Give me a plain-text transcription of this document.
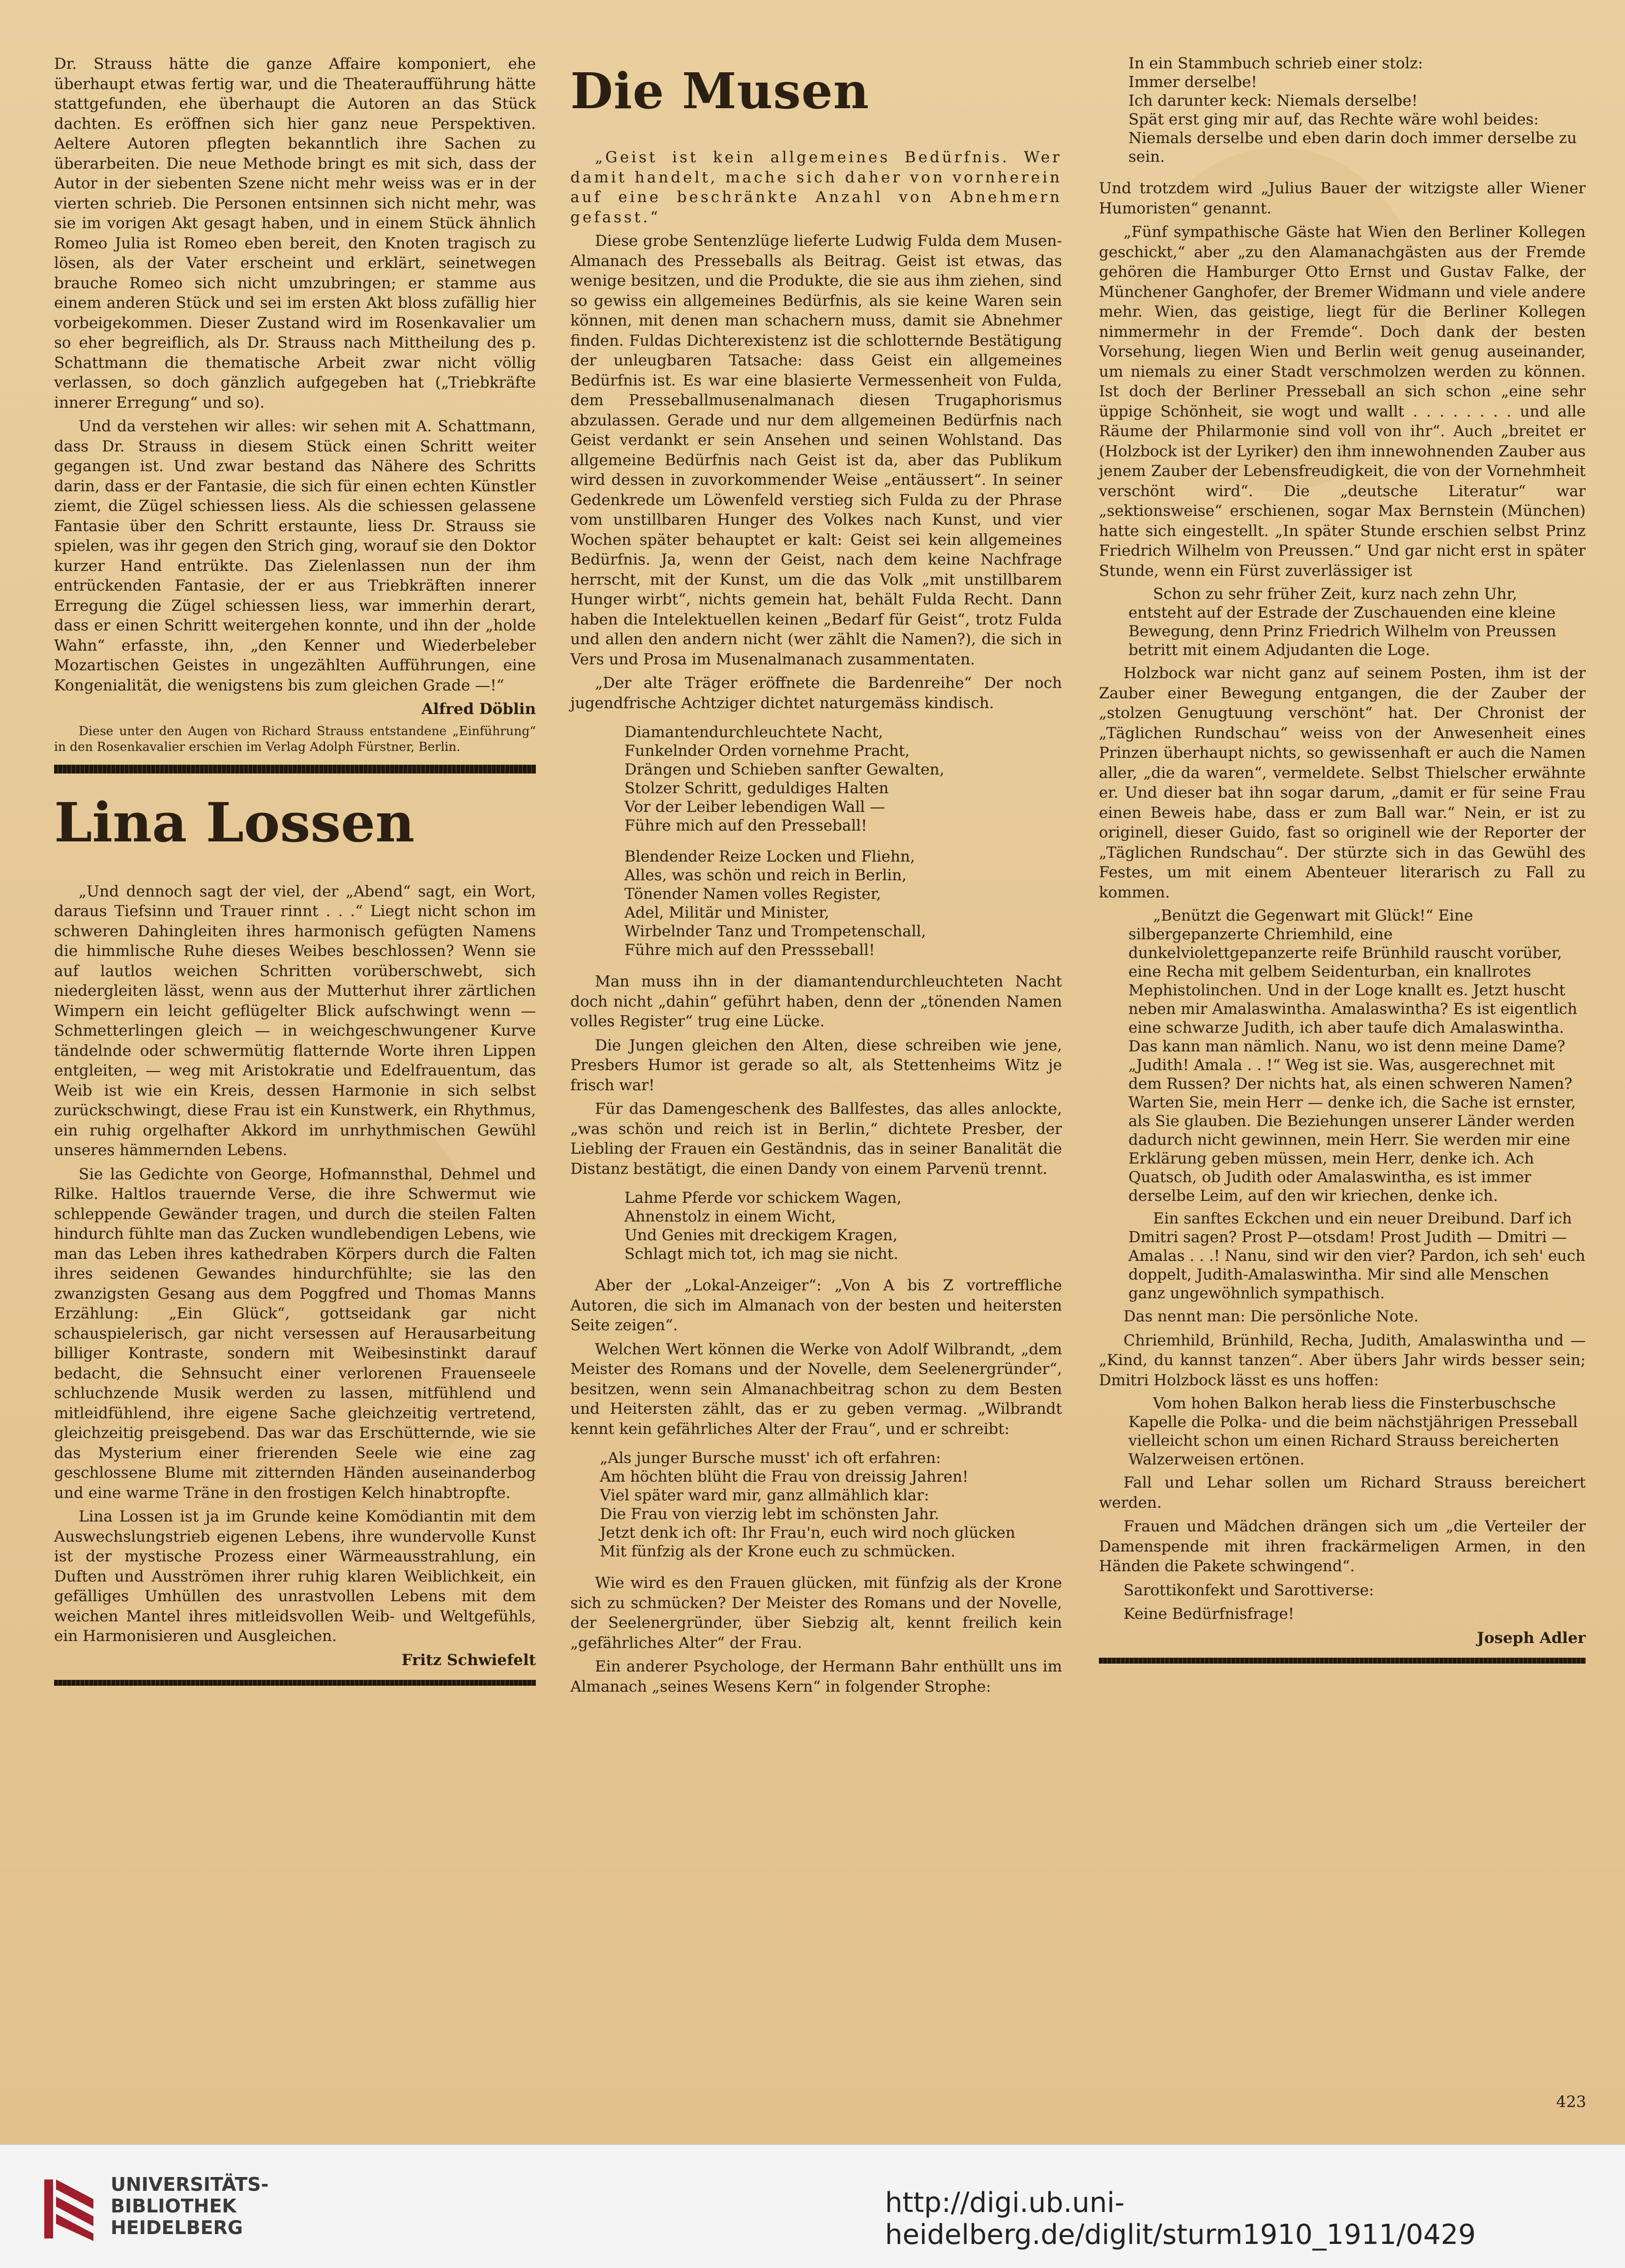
Dr. Strauss hätte die ganze Affaire komponiert, ehe überhaupt etwas fertig war, und die Theateraufführung hätte stattgefunden, ehe überhaupt die Autoren an das Stück dachten. Es eröffnen sich hier ganz neue Perspektiven. Aeltere Autoren pflegten bekanntlich ihre Sachen zu überarbeiten. Die neue Methode bringt es mit sich, dass der Autor in der siebenten Szene nicht mehr weiss was er in der vierten schrieb. Die Personen entsinnen sich nicht mehr, was sie im vorigen Akt gesagt haben, und in einem Stück ähnlich Romeo Julia ist Romeo eben bereit, den Knoten tragisch zu lösen, als der Vater erscheint und erklärt, seinetwegen brauche Romeo sich nicht umzubringen; er stamme aus einem anderen Stück und sei im ersten Akt bloss zufällig hier vorbeigekommen. Dieser Zustand wird im Rosenkavalier um so eher begreiflich, als Dr. Strauss nach Mittheilung des p. Schattmann die thematische Arbeit zwar nicht völlig verlassen, so doch gänzlich aufgegeben hat („Triebkräfte innerer Erregung“ und so).

Und da verstehen wir alles: wir sehen mit A. Schattmann, dass Dr. Strauss in diesem Stück einen Schritt weiter gegangen ist. Und zwar bestand das Nähere des Schritts darin, dass er der Fantasie, die sich für einen echten Künstler ziemt, die Zügel schiessen liess. Als die schiessen gelassene Fantasie über den Schritt erstaunte, liess Dr. Strauss sie spielen, was ihr gegen den Strich ging, worauf sie den Doktor kurzer Hand entrükte. Das Zielenlassen nun der ihm entrückenden Fantasie, der er aus Triebkräften innerer Erregung die Zügel schiessen liess, war immerhin derart, dass er einen Schritt weitergehen konnte, und ihn der „holde Wahn“ erfasste, ihn, „den Kenner und Wiederbeleber Mozartischen Geistes in ungezählten Aufführungen, eine Kongenialität, die wenigstens bis zum gleichen Grade —!“

Alfred Döblin

Diese unter den Augen von Richard Strauss entstandene „Einführung“ in den Rosenkavalier erschien im Verlag Adolph Fürstner, Berlin.

Lina Lossen

„Und dennoch sagt der viel, der „Abend“ sagt, ein Wort, daraus Tiefsinn und Trauer rinnt . . .“ Liegt nicht schon im schweren Dahingleiten ihres harmonisch gefügten Namens die himmlische Ruhe dieses Weibes beschlossen? Wenn sie auf lautlos weichen Schritten vorüberschwebt, sich niedergleiten lässt, wenn aus der Mutterhut ihrer zärtlichen Wimpern ein leicht geflügelter Blick aufschwingt wenn — Schmetterlingen gleich — in weichgeschwungener Kurve tändelnde oder schwermütig flatternde Worte ihren Lippen entgleiten, — weg mit Aristokratie und Edelfrauentum, das Weib ist wie ein Kreis, dessen Harmonie in sich selbst zurückschwingt, diese Frau ist ein Kunstwerk, ein Rhythmus, ein ruhig orgelhafter Akkord im unrhythmischen Gewühl unseres hämmernden Lebens.

Sie las Gedichte von George, Hofmannsthal, Dehmel und Rilke. Haltlos trauernde Verse, die ihre Schwermut wie schleppende Gewänder tragen, und durch die steilen Falten hindurch fühlte man das Zucken wundlebendigen Lebens, wie man das Leben ihres kathedraben Körpers durch die Falten ihres seidenen Gewandes hindurchfühlte; sie las den zwanzigsten Gesang aus dem Poggfred und Thomas Manns Erzählung: „Ein Glück“, gottseidank gar nicht schauspielerisch, gar nicht versessen auf Herausarbeitung billiger Kontraste, sondern mit Weibesinstinkt darauf bedacht, die Sehnsucht einer verlorenen Frauenseele schluchzende Musik werden zu lassen, mitfühlend und mitleidfühlend, ihre eigene Sache gleichzeitig vertretend, gleichzeitig preisgebend. Das war das Erschütternde, wie sie das Mysterium einer frierenden Seele wie eine zag geschlossene Blume mit zitternden Händen auseinanderbog und eine warme Träne in den frostigen Kelch hinabtropfte.

Lina Lossen ist ja im Grunde keine Komödiantin mit dem Auswechslungstrieb eigenen Lebens, ihre wundervolle Kunst ist der mystische Prozess einer Wärmeausstrahlung, ein Duften und Ausströmen ihrer ruhig klaren Weiblichkeit, ein gefälliges Umhüllen des unrastvollen Lebens mit dem weichen Mantel ihres mitleidsvollen Weib- und Weltgefühls, ein Harmonisieren und Ausgleichen.

Fritz Schwiefelt

Die Musen

„Geist ist kein allgemeines Bedürfnis. Wer damit handelt, mache sich daher von vornherein auf eine beschränkte Anzahl von Abnehmern gefasst.“

Diese grobe Sentenzlüge lieferte Ludwig Fulda dem Musen-Almanach des Presseballs als Beitrag. Geist ist etwas, das wenige besitzen, und die Produkte, die sie aus ihm ziehen, sind so gewiss ein allgemeines Bedürfnis, als sie keine Waren sein können, mit denen man schachern muss, damit sie Abnehmer finden. Fuldas Dichterexistenz ist die schlotternde Bestätigung der unleugbaren Tatsache: dass Geist ein allgemeines Bedürfnis ist. Es war eine blasierte Vermessenheit von Fulda, dem Presseballmusenalmanach diesen Trugaphorismus abzulassen. Gerade und nur dem allgemeinen Bedürfnis nach Geist verdankt er sein Ansehen und seinen Wohlstand. Das allgemeine Bedürfnis nach Geist ist da, aber das Publikum wird dessen in zuvorkommender Weise „entäussert“. In seiner Gedenkrede um Löwenfeld verstieg sich Fulda zu der Phrase vom unstillbaren Hunger des Volkes nach Kunst, und vier Wochen später behauptet er kalt: Geist sei kein allgemeines Bedürfnis. Ja, wenn der Geist, nach dem keine Nachfrage herrscht, mit der Kunst, um die das Volk „mit unstillbarem Hunger wirbt“, nichts gemein hat, behält Fulda Recht. Dann haben die Intelektuellen keinen „Bedarf für Geist“, trotz Fulda und allen den andern nicht (wer zählt die Namen?), die sich in Vers und Prosa im Musenalmanach zusammentaten.

„Der alte Träger eröffnete die Bardenreihe“ Der noch jugendfrische Achtziger dichtet naturgemäss kindisch.

Diamantendurchleuchtete Nacht,
Funkelnder Orden vornehme Pracht,
Drängen und Schieben sanfter Gewalten,
Stolzer Schritt, geduldiges Halten
Vor der Leiber lebendigen Wall —
Führe mich auf den Presseball!
Blendender Reize Locken und Fliehn,
Alles, was schön und reich in Berlin,
Tönender Namen volles Register,
Adel, Militär und Minister,
Wirbelnder Tanz und Trompetenschall,
Führe mich auf den Pressseball!

Man muss ihn in der diamantendurchleuchteten Nacht doch nicht „dahin“ geführt haben, denn der „tönenden Namen volles Register“ trug eine Lücke.

Die Jungen gleichen den Alten, diese schreiben wie jene, Presbers Humor ist gerade so alt, als Stettenheims Witz je frisch war!

Für das Damengeschenk des Ballfestes, das alles anlockte, „was schön und reich ist in Berlin,“ dichtete Presber, der Liebling der Frauen ein Geständnis, das in seiner Banalität die Distanz bestätigt, die einen Dandy von einem Parvenü trennt.

Lahme Pferde vor schickem Wagen,
Ahnenstolz in einem Wicht,
Und Genies mit dreckigem Kragen,
Schlagt mich tot, ich mag sie nicht.

Aber der „Lokal-Anzeiger“: „Von A bis Z vortreffliche Autoren, die sich im Almanach von der besten und heitersten Seite zeigen“.

Welchen Wert können die Werke von Adolf Wilbrandt, „dem Meister des Romans und der Novelle, dem Seelenergründer“, besitzen, wenn sein Almanachbeitrag schon zu dem Besten und Heitersten zählt, das er zu geben vermag. „Wilbrandt kennt kein gefährliches Alter der Frau“, und er schreibt:

„Als junger Bursche musst' ich oft erfahren:
Am höchten blüht die Frau von dreissig Jahren!
Viel später ward mir, ganz allmählich klar:
Die Frau von vierzig lebt im schönsten Jahr.
Jetzt denk ich oft: Ihr Frau'n, euch wird noch glücken
Mit fünfzig als der Krone euch zu schmücken.

Wie wird es den Frauen glücken, mit fünfzig als der Krone sich zu schmücken? Der Meister des Romans und der Novelle, der Seelenergründer, über Siebzig alt, kennt freilich kein „gefährliches Alter“ der Frau.

Ein anderer Psychologe, der Hermann Bahr enthüllt uns im Almanach „seines Wesens Kern“ in folgender Strophe:

In ein Stammbuch schrieb einer stolz:
Immer derselbe!
Ich darunter keck: Niemals derselbe!
Spät erst ging mir auf, das Rechte wäre wohl beides:
Niemals derselbe und eben darin doch immer derselbe zu sein.

Und trotzdem wird „Julius Bauer der witzigste aller Wiener Humoristen“ genannt.

„Fünf sympathische Gäste hat Wien den Berliner Kollegen geschickt,“ aber „zu den Alamanachgästen aus der Fremde gehören die Hamburger Otto Ernst und Gustav Falke, der Münchener Ganghofer, der Bremer Widmann und viele andere mehr. Wien, das geistige, liegt für die Berliner Kollegen nimmermehr in der Fremde“. Doch dank der besten Vorsehung, liegen Wien und Berlin weit genug auseinander, um niemals zu einer Stadt verschmolzen werden zu können. Ist doch der Berliner Presseball an sich schon „eine sehr üppige Schönheit, sie wogt und wallt . . . . . . . . und alle Räume der Philarmonie sind voll von ihr“. Auch „breitet er (Holzbock ist der Lyriker) den ihm innewohnenden Zauber aus jenem Zauber der Lebensfreudigkeit, die von der Vornehmheit verschönt wird“. Die „deutsche Literatur“ war „sektionsweise“ erschienen, sogar Max Bernstein (München) hatte sich eingestellt. „In später Stunde erschien selbst Prinz Friedrich Wilhelm von Preussen.“ Und gar nicht erst in später Stunde, wenn ein Fürst zuverlässiger ist

Schon zu sehr früher Zeit, kurz nach zehn Uhr, entsteht auf der Estrade der Zuschauenden eine kleine Bewegung, denn Prinz Friedrich Wilhelm von Preussen betritt mit einem Adjudanten die Loge.

Holzbock war nicht ganz auf seinem Posten, ihm ist der Zauber einer Bewegung entgangen, die der Zauber der „stolzen Genugtuung verschönt“ hat. Der Chronist der „Täglichen Rundschau“ weiss von der Anwesenheit eines Prinzen überhaupt nichts, so gewissenhaft er auch die Namen aller, „die da waren“, vermeldete. Selbst Thielscher erwähnte er. Und dieser bat ihn sogar darum, „damit er für seine Frau einen Beweis habe, dass er zum Ball war.“ Nein, er ist zu originell, dieser Guido, fast so originell wie der Reporter der „Täglichen Rundschau“. Der stürzte sich in das Gewühl des Festes, um mit einem Abenteuer literarisch zu Fall zu kommen.

„Benützt die Gegenwart mit Glück!“ Eine silbergepanzerte Chriemhild, eine dunkelviolettgepanzerte reife Brünhild rauscht vorüber, eine Recha mit gelbem Seidenturban, ein knallrotes Mephistolinchen. Und in der Loge knallt es. Jetzt huscht neben mir Amalaswintha. Amalaswintha? Es ist eigentlich eine schwarze Judith, ich aber taufe dich Amalaswintha. Das kann man nämlich. Nanu, wo ist denn meine Dame? „Judith! Amala . . !“ Weg ist sie. Was, ausgerechnet mit dem Russen? Der nichts hat, als einen schweren Namen? Warten Sie, mein Herr — denke ich, die Sache ist ernster, als Sie glauben. Die Beziehungen unserer Länder werden dadurch nicht gewinnen, mein Herr. Sie werden mir eine Erklärung geben müssen, mein Herr, denke ich. Ach Quatsch, ob Judith oder Amalaswintha, es ist immer derselbe Leim, auf den wir kriechen, denke ich.

Ein sanftes Eckchen und ein neuer Dreibund. Darf ich Dmitri sagen? Prost P—otsdam! Prost Judith — Dmitri — Amalas . . .! Nanu, sind wir den vier? Pardon, ich seh' euch doppelt, Judith-Amalaswintha. Mir sind alle Menschen ganz ungewöhnlich sympathisch.

Das nennt man: Die persönliche Note.

Chriemhild, Brünhild, Recha, Judith, Amalaswintha und — „Kind, du kannst tanzen“. Aber übers Jahr wirds besser sein; Dmitri Holzbock lässt es uns hoffen:

Vom hohen Balkon herab liess die Finsterbuschsche Kapelle die Polka- und die beim nächstjährigen Presseball vielleicht schon um einen Richard Strauss bereicherten Walzerweisen ertönen.

Fall und Lehar sollen um Richard Strauss bereichert werden.

Frauen und Mädchen drängen sich um „die Verteiler der Damenspende mit ihren frackärmeligen Armen, in den Händen die Pakete schwingend“.

Sarottikonfekt und Sarottiverse:

Keine Bedürfnisfrage!

Joseph Adler

423
UNIVERSITÄTS-
BIBLIOTHEK
HEIDELBERG
http://digi.ub.uni-heidelberg.de/diglit/sturm1910_1911/0429
